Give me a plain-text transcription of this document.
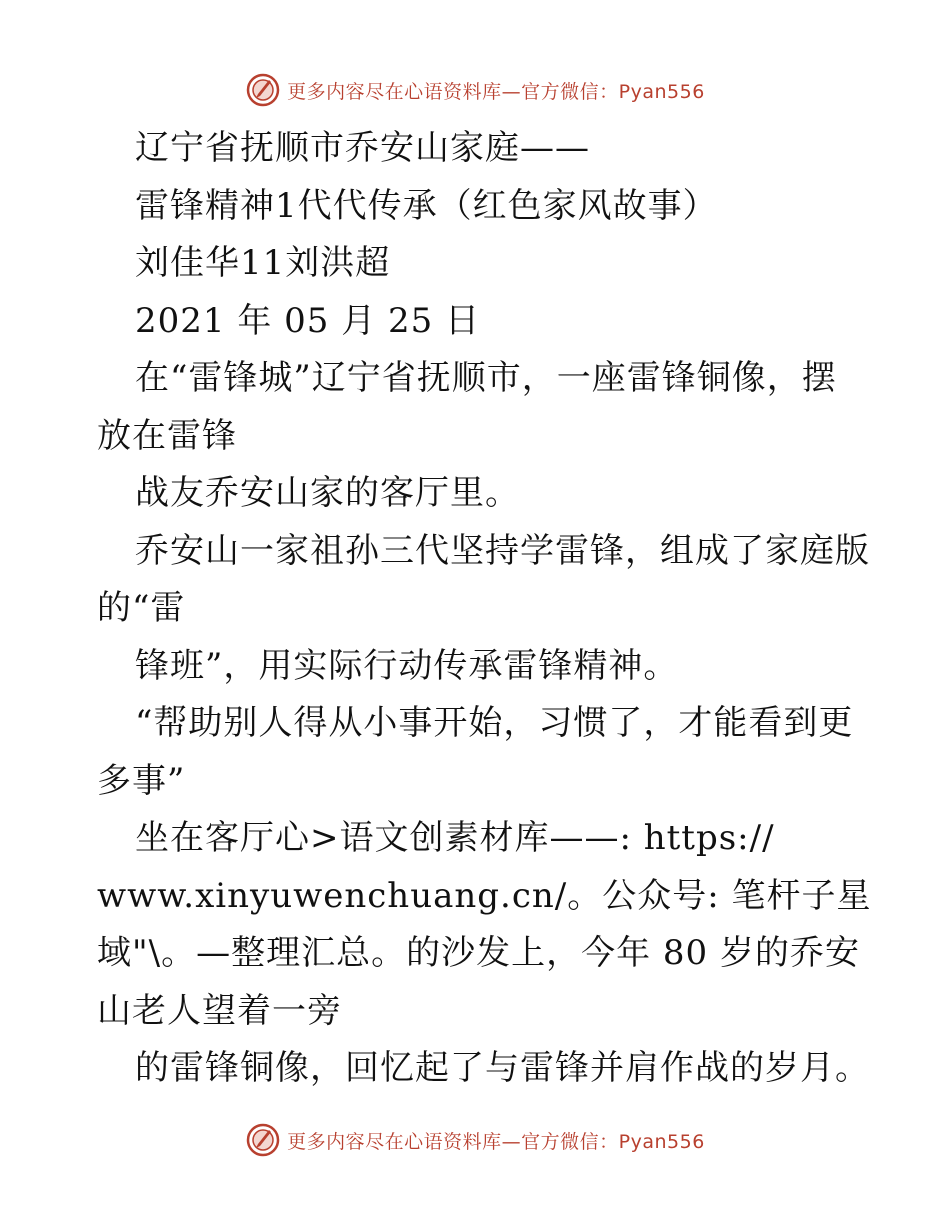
更多内容尽在心语资料库—官方微信：Pyan556
辽宁省抚顺市乔安山家庭——
雷锋精神1代代传承（红色家风故事）
刘佳华11刘洪超
2021 年 05 月 25 日
在“雷锋城”辽宁省抚顺市，一座雷锋铜像，摆
放在雷锋
战友乔安山家的客厅里。
乔安山一家祖孙三代坚持学雷锋，组成了家庭版
的“雷
锋班”，用实际行动传承雷锋精神。
“帮助别人得从小事开始，习惯了，才能看到更
多事”
坐在客厅心>语文创素材库——: https://
www.xinyuwenchuang.cn/。公众号: 笔杆子星
域"\。—整理汇总。的沙发上，今年 80 岁的乔安
山老人望着一旁
的雷锋铜像，回忆起了与雷锋并肩作战的岁月。
更多内容尽在心语资料库—官方微信：Pyan556
